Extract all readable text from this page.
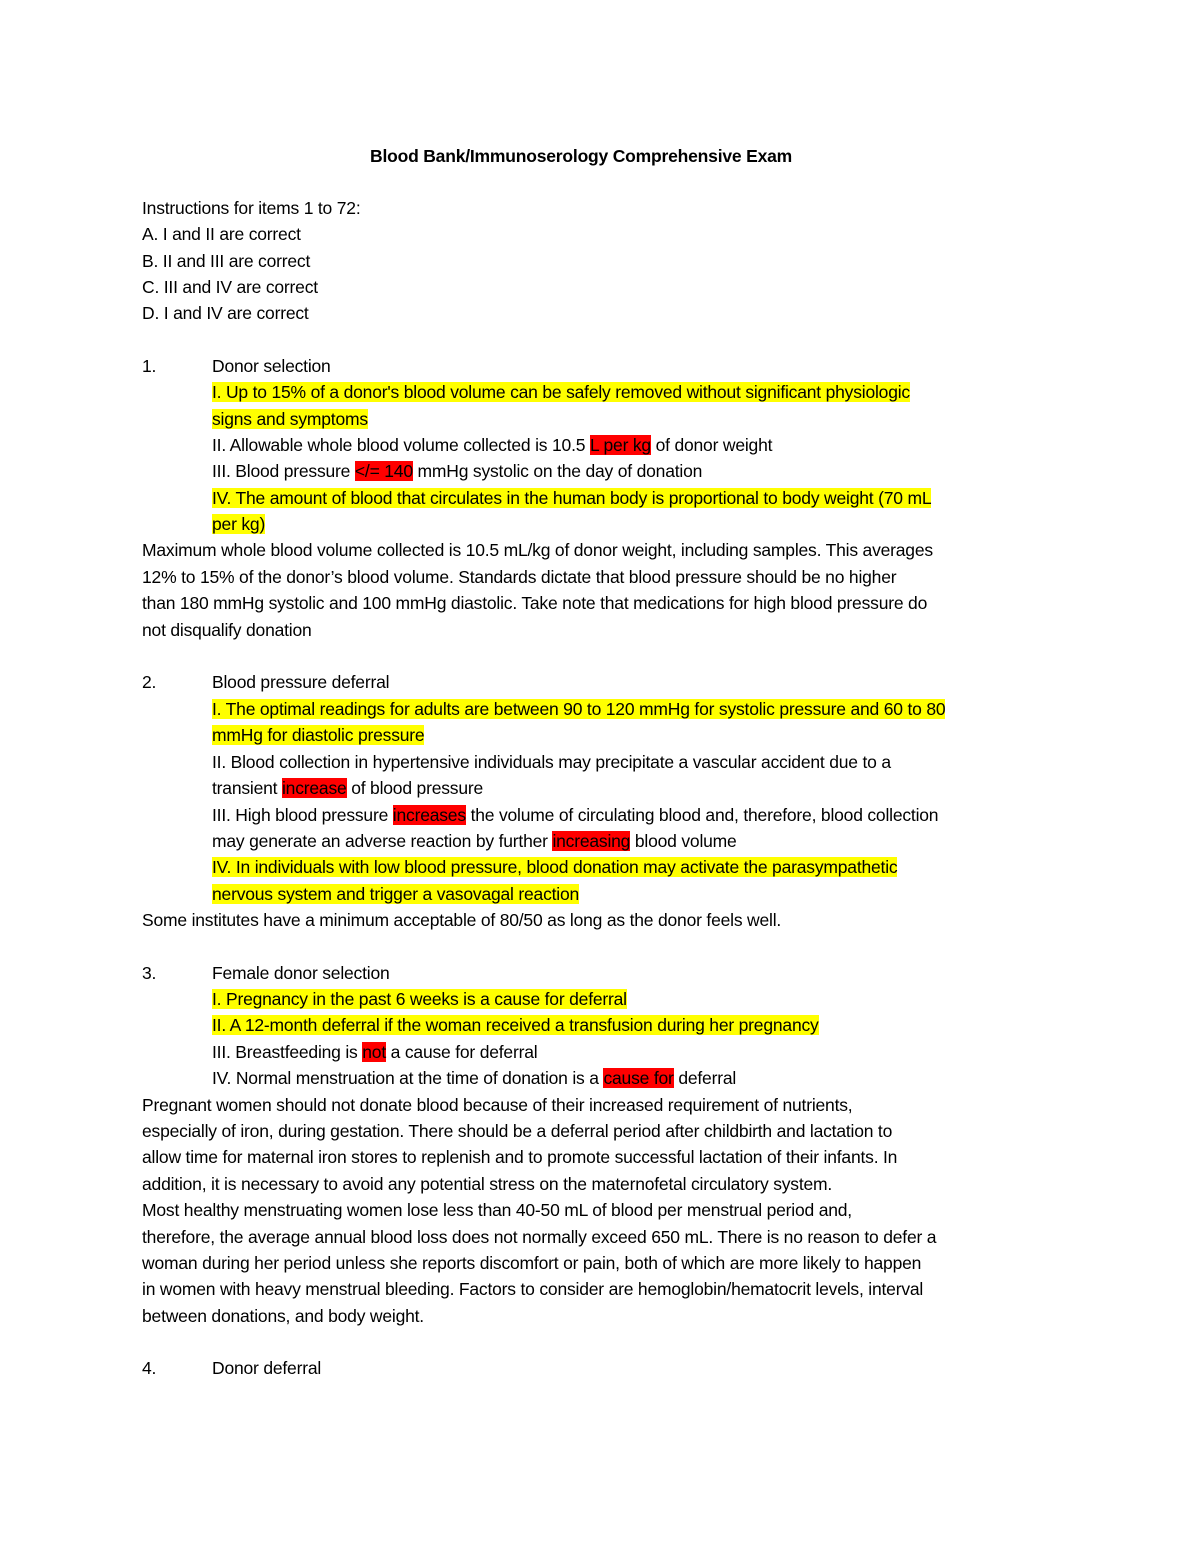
Blood Bank/Immunoserology Comprehensive Exam
Instructions for items 1 to 72:
A. I and II are correct
B. II and III are correct
C. III and IV are correct
D. I and IV are correct
1.	Donor selection
I. Up to 15% of a donor's blood volume can be safely removed without significant physiologic
signs and symptoms
II. Allowable whole blood volume collected is 10.5 L per kg of donor weight
III. Blood pressure </= 140 mmHg systolic on the day of donation
IV. The amount of blood that circulates in the human body is proportional to body weight (70 mL
per kg)
Maximum whole blood volume collected is 10.5 mL/kg of donor weight, including samples. This averages
12% to 15% of the donor’s blood volume. Standards dictate that blood pressure should be no higher
than 180 mmHg systolic and 100 mmHg diastolic. Take note that medications for high blood pressure do
not disqualify donation
2.	Blood pressure deferral
I. The optimal readings for adults are between 90 to 120 mmHg for systolic pressure and 60 to 80
mmHg for diastolic pressure
II. Blood collection in hypertensive individuals may precipitate a vascular accident due to a
transient increase of blood pressure
III. High blood pressure increases the volume of circulating blood and, therefore, blood collection
may generate an adverse reaction by further increasing blood volume
IV. In individuals with low blood pressure, blood donation may activate the parasympathetic
nervous system and trigger a vasovagal reaction
Some institutes have a minimum acceptable of 80/50 as long as the donor feels well.
3.	Female donor selection
I. Pregnancy in the past 6 weeks is a cause for deferral
II. A 12-month deferral if the woman received a transfusion during her pregnancy
III. Breastfeeding is not a cause for deferral
IV. Normal menstruation at the time of donation is a cause for deferral
Pregnant women should not donate blood because of their increased requirement of nutrients,
especially of iron, during gestation. There should be a deferral period after childbirth and lactation to
allow time for maternal iron stores to replenish and to promote successful lactation of their infants. In
addition, it is necessary to avoid any potential stress on the maternofetal circulatory system.
Most healthy menstruating women lose less than 40-50 mL of blood per menstrual period and,
therefore, the average annual blood loss does not normally exceed 650 mL. There is no reason to defer a
woman during her period unless she reports discomfort or pain, both of which are more likely to happen
in women with heavy menstrual bleeding. Factors to consider are hemoglobin/hematocrit levels, interval
between donations, and body weight.
4.	Donor deferral
